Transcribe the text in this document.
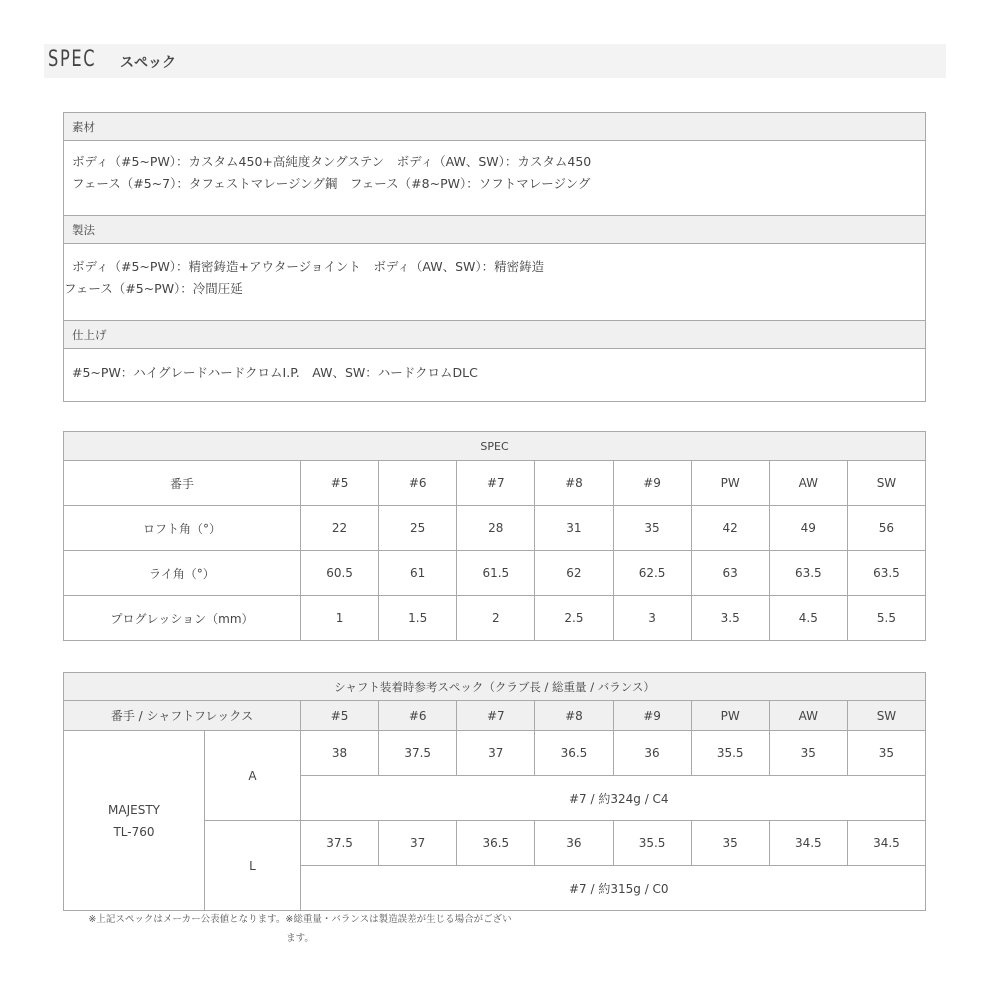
SPEC スペック
素材

ボディ（#5~PW）：カスタム450+高純度タングステン　ボディ（AW、SW）：カスタム450
フェース（#5~7）：タフェストマレージング鋼　フェース（#8~PW）：ソフトマレージング

製法

ボディ（#5~PW）：精密鋳造+アウタージョイント　ボディ（AW、SW）：精密鋳造
フェース（#5~PW）：冷間圧延

仕上げ

#5~PW：ハイグレードハードクロムI.P.　AW、SW：ハードクロムDLC
SPEC								
番手	#5	#6	#7	#8	#9	PW	AW	SW
ロフト角（°）	22	25	28	31	35	42	49	56
ライ角（°）	60.5	61	61.5	62	62.5	63	63.5	63.5
プログレッション（mm）	1	1.5	2	2.5	3	3.5	4.5	5.5
シャフト装着時参考スペック（クラブ長 / 総重量 / バランス）									
番手 / シャフトフレックス		#5	#6	#7	#8	#9	PW	AW	SW

MAJESTY
TL-760	A	38	37.5	37	36.5	36	35.5	35	35
		#7 / 約324g / C4							
	L	37.5	37	36.5	36	35.5	35	34.5	34.5
		#7 / 約315g / C0							
※上記スペックはメーカー公表値となります。※総重量・バランスは製造誤差が生じる場合がござい
ます。
